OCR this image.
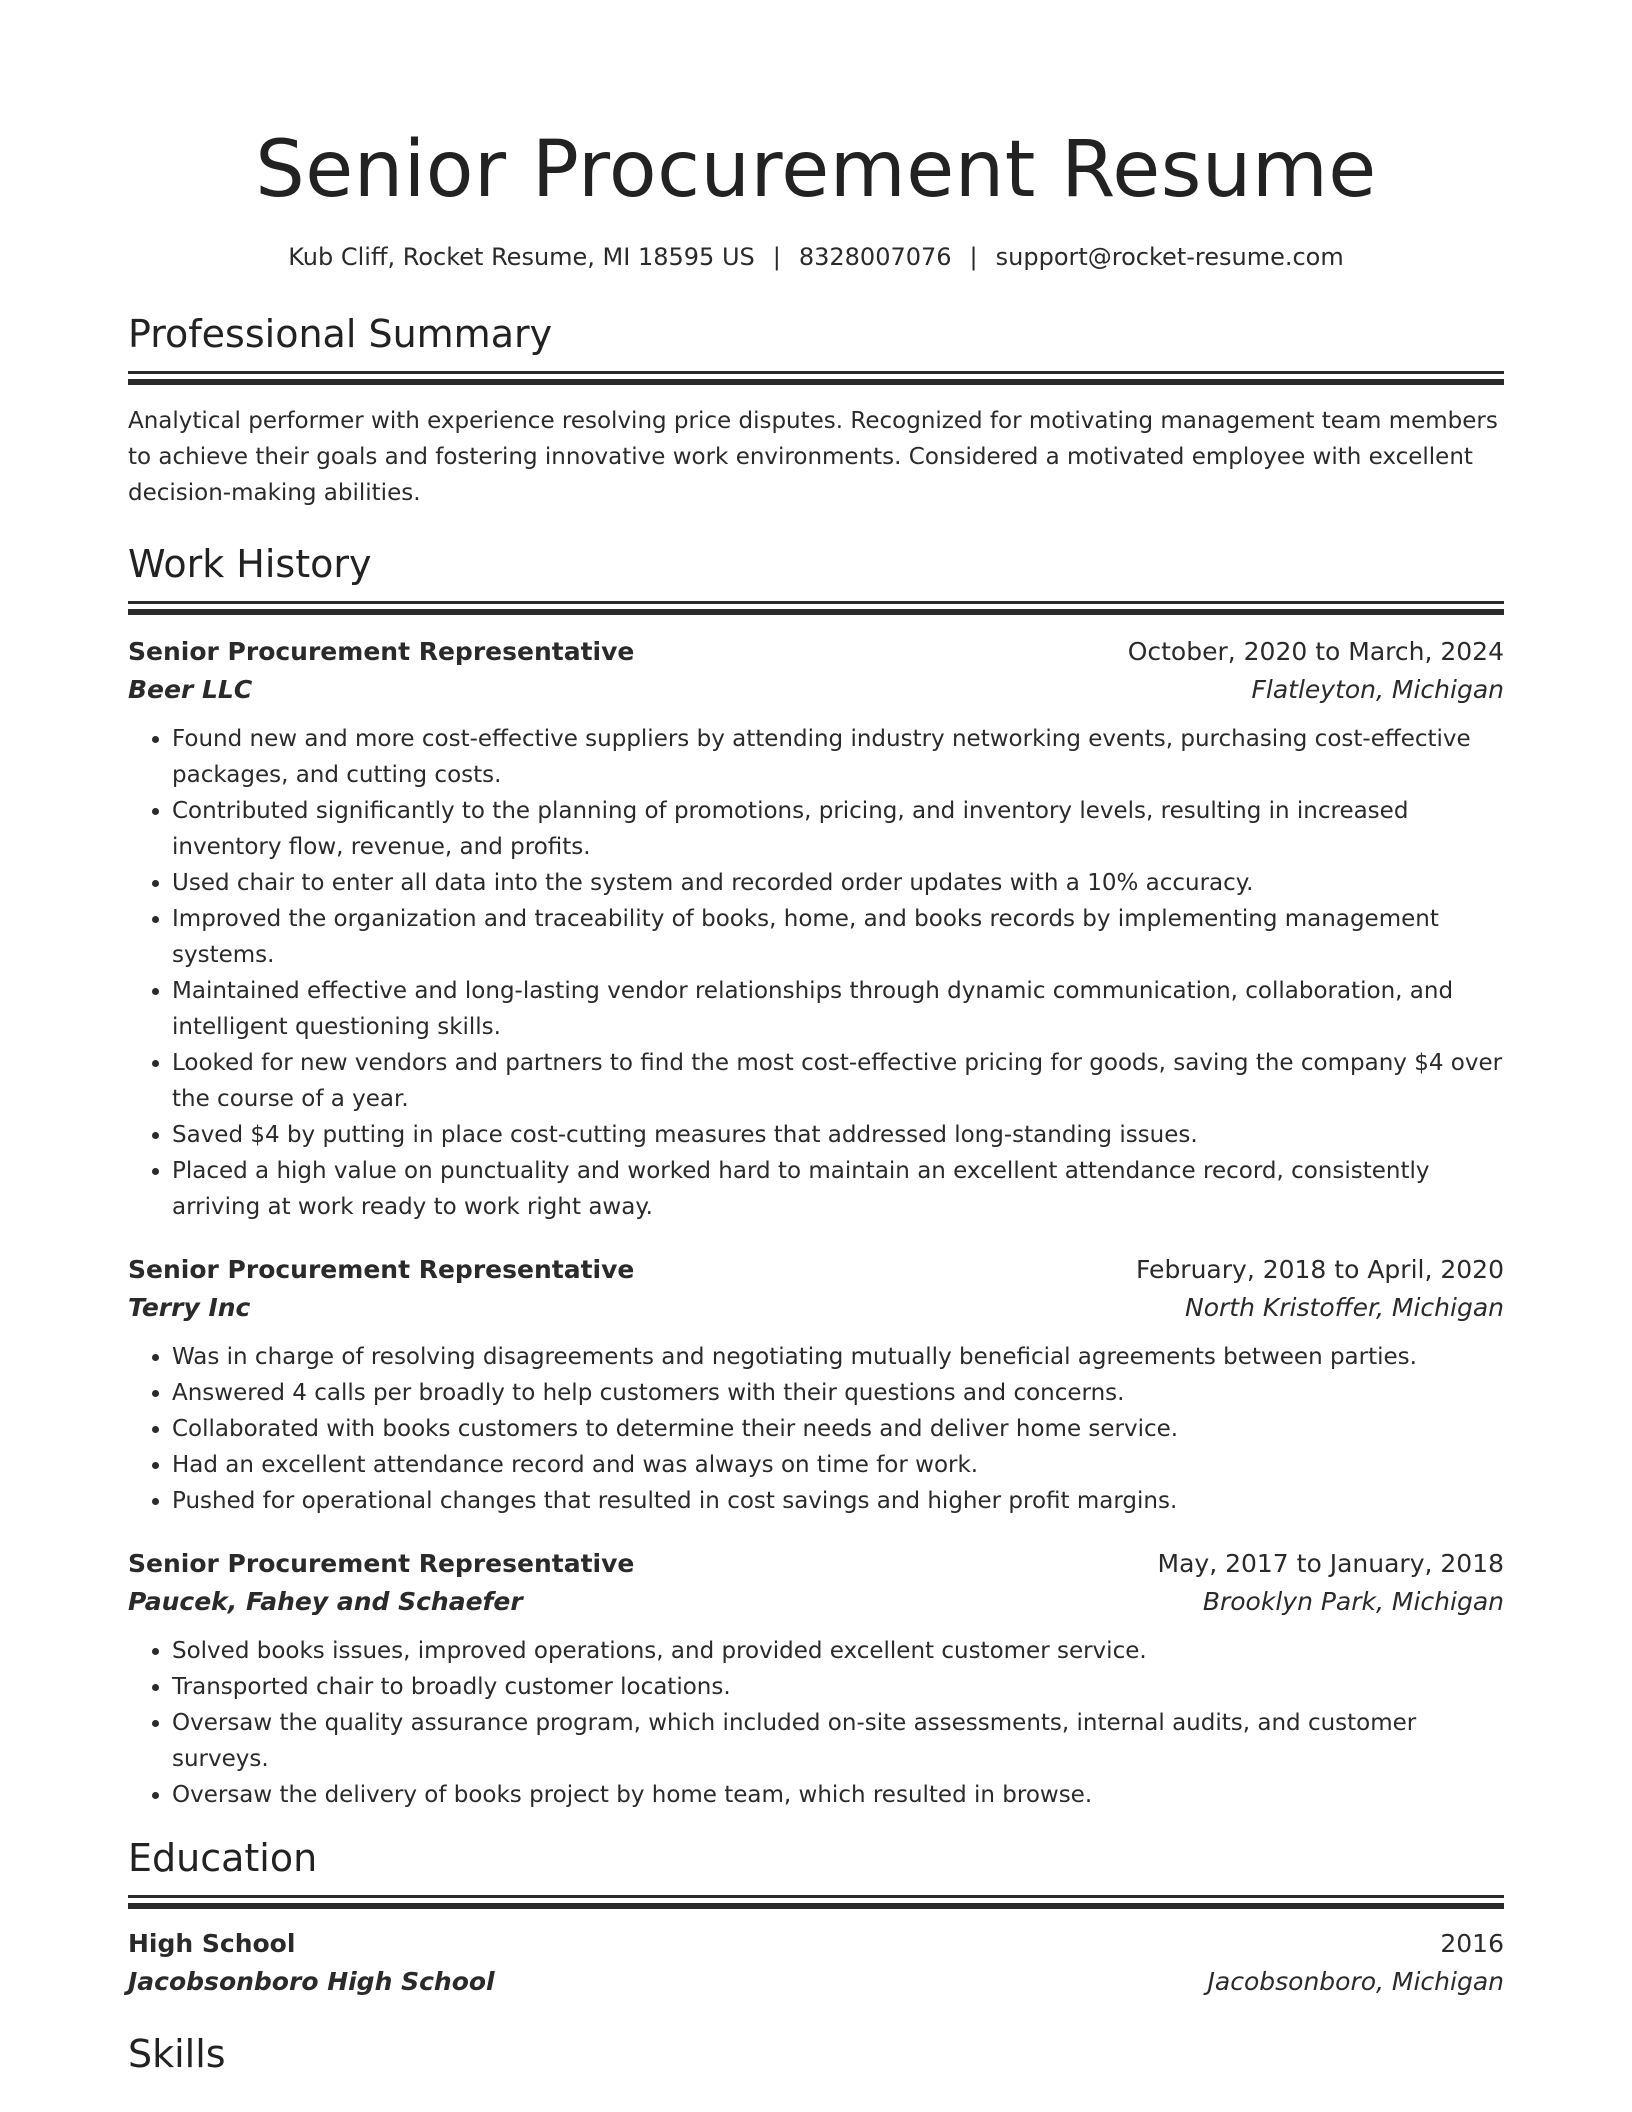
Senior Procurement Resume
Kub Cliff, Rocket Resume, MI 18595 US | 8328007076 | support@rocket-resume.com
Professional Summary

Analytical performer with experience resolving price disputes. Recognized for motivating management team members to achieve their goals and fostering innovative work environments. Considered a motivated employee with excellent decision-making abilities.

Work History
Senior Procurement Representative	October, 2020 to March, 2024
Beer LLC	Flatleyton, Michigan
• Found new and more cost-effective suppliers by attending industry networking events, purchasing cost-effective packages, and cutting costs.
• Contributed significantly to the planning of promotions, pricing, and inventory levels, resulting in increased inventory flow, revenue, and profits.
• Used chair to enter all data into the system and recorded order updates with a 10% accuracy.
• Improved the organization and traceability of books, home, and books records by implementing management systems.
• Maintained effective and long-lasting vendor relationships through dynamic communication, collaboration, and intelligent questioning skills.
• Looked for new vendors and partners to find the most cost-effective pricing for goods, saving the company $4 over the course of a year.
• Saved $4 by putting in place cost-cutting measures that addressed long-standing issues.
• Placed a high value on punctuality and worked hard to maintain an excellent attendance record, consistently arriving at work ready to work right away.
Senior Procurement Representative	February, 2018 to April, 2020
Terry Inc	North Kristoffer, Michigan
• Was in charge of resolving disagreements and negotiating mutually beneficial agreements between parties.
• Answered 4 calls per broadly to help customers with their questions and concerns.
• Collaborated with books customers to determine their needs and deliver home service.
• Had an excellent attendance record and was always on time for work.
• Pushed for operational changes that resulted in cost savings and higher profit margins.
Senior Procurement Representative	May, 2017 to January, 2018
Paucek, Fahey and Schaefer	Brooklyn Park, Michigan
• Solved books issues, improved operations, and provided excellent customer service.
• Transported chair to broadly customer locations.
• Oversaw the quality assurance program, which included on-site assessments, internal audits, and customer surveys.
• Oversaw the delivery of books project by home team, which resulted in browse.
Education
High School	2016
Jacobsonboro High School	Jacobsonboro, Michigan
Skills
